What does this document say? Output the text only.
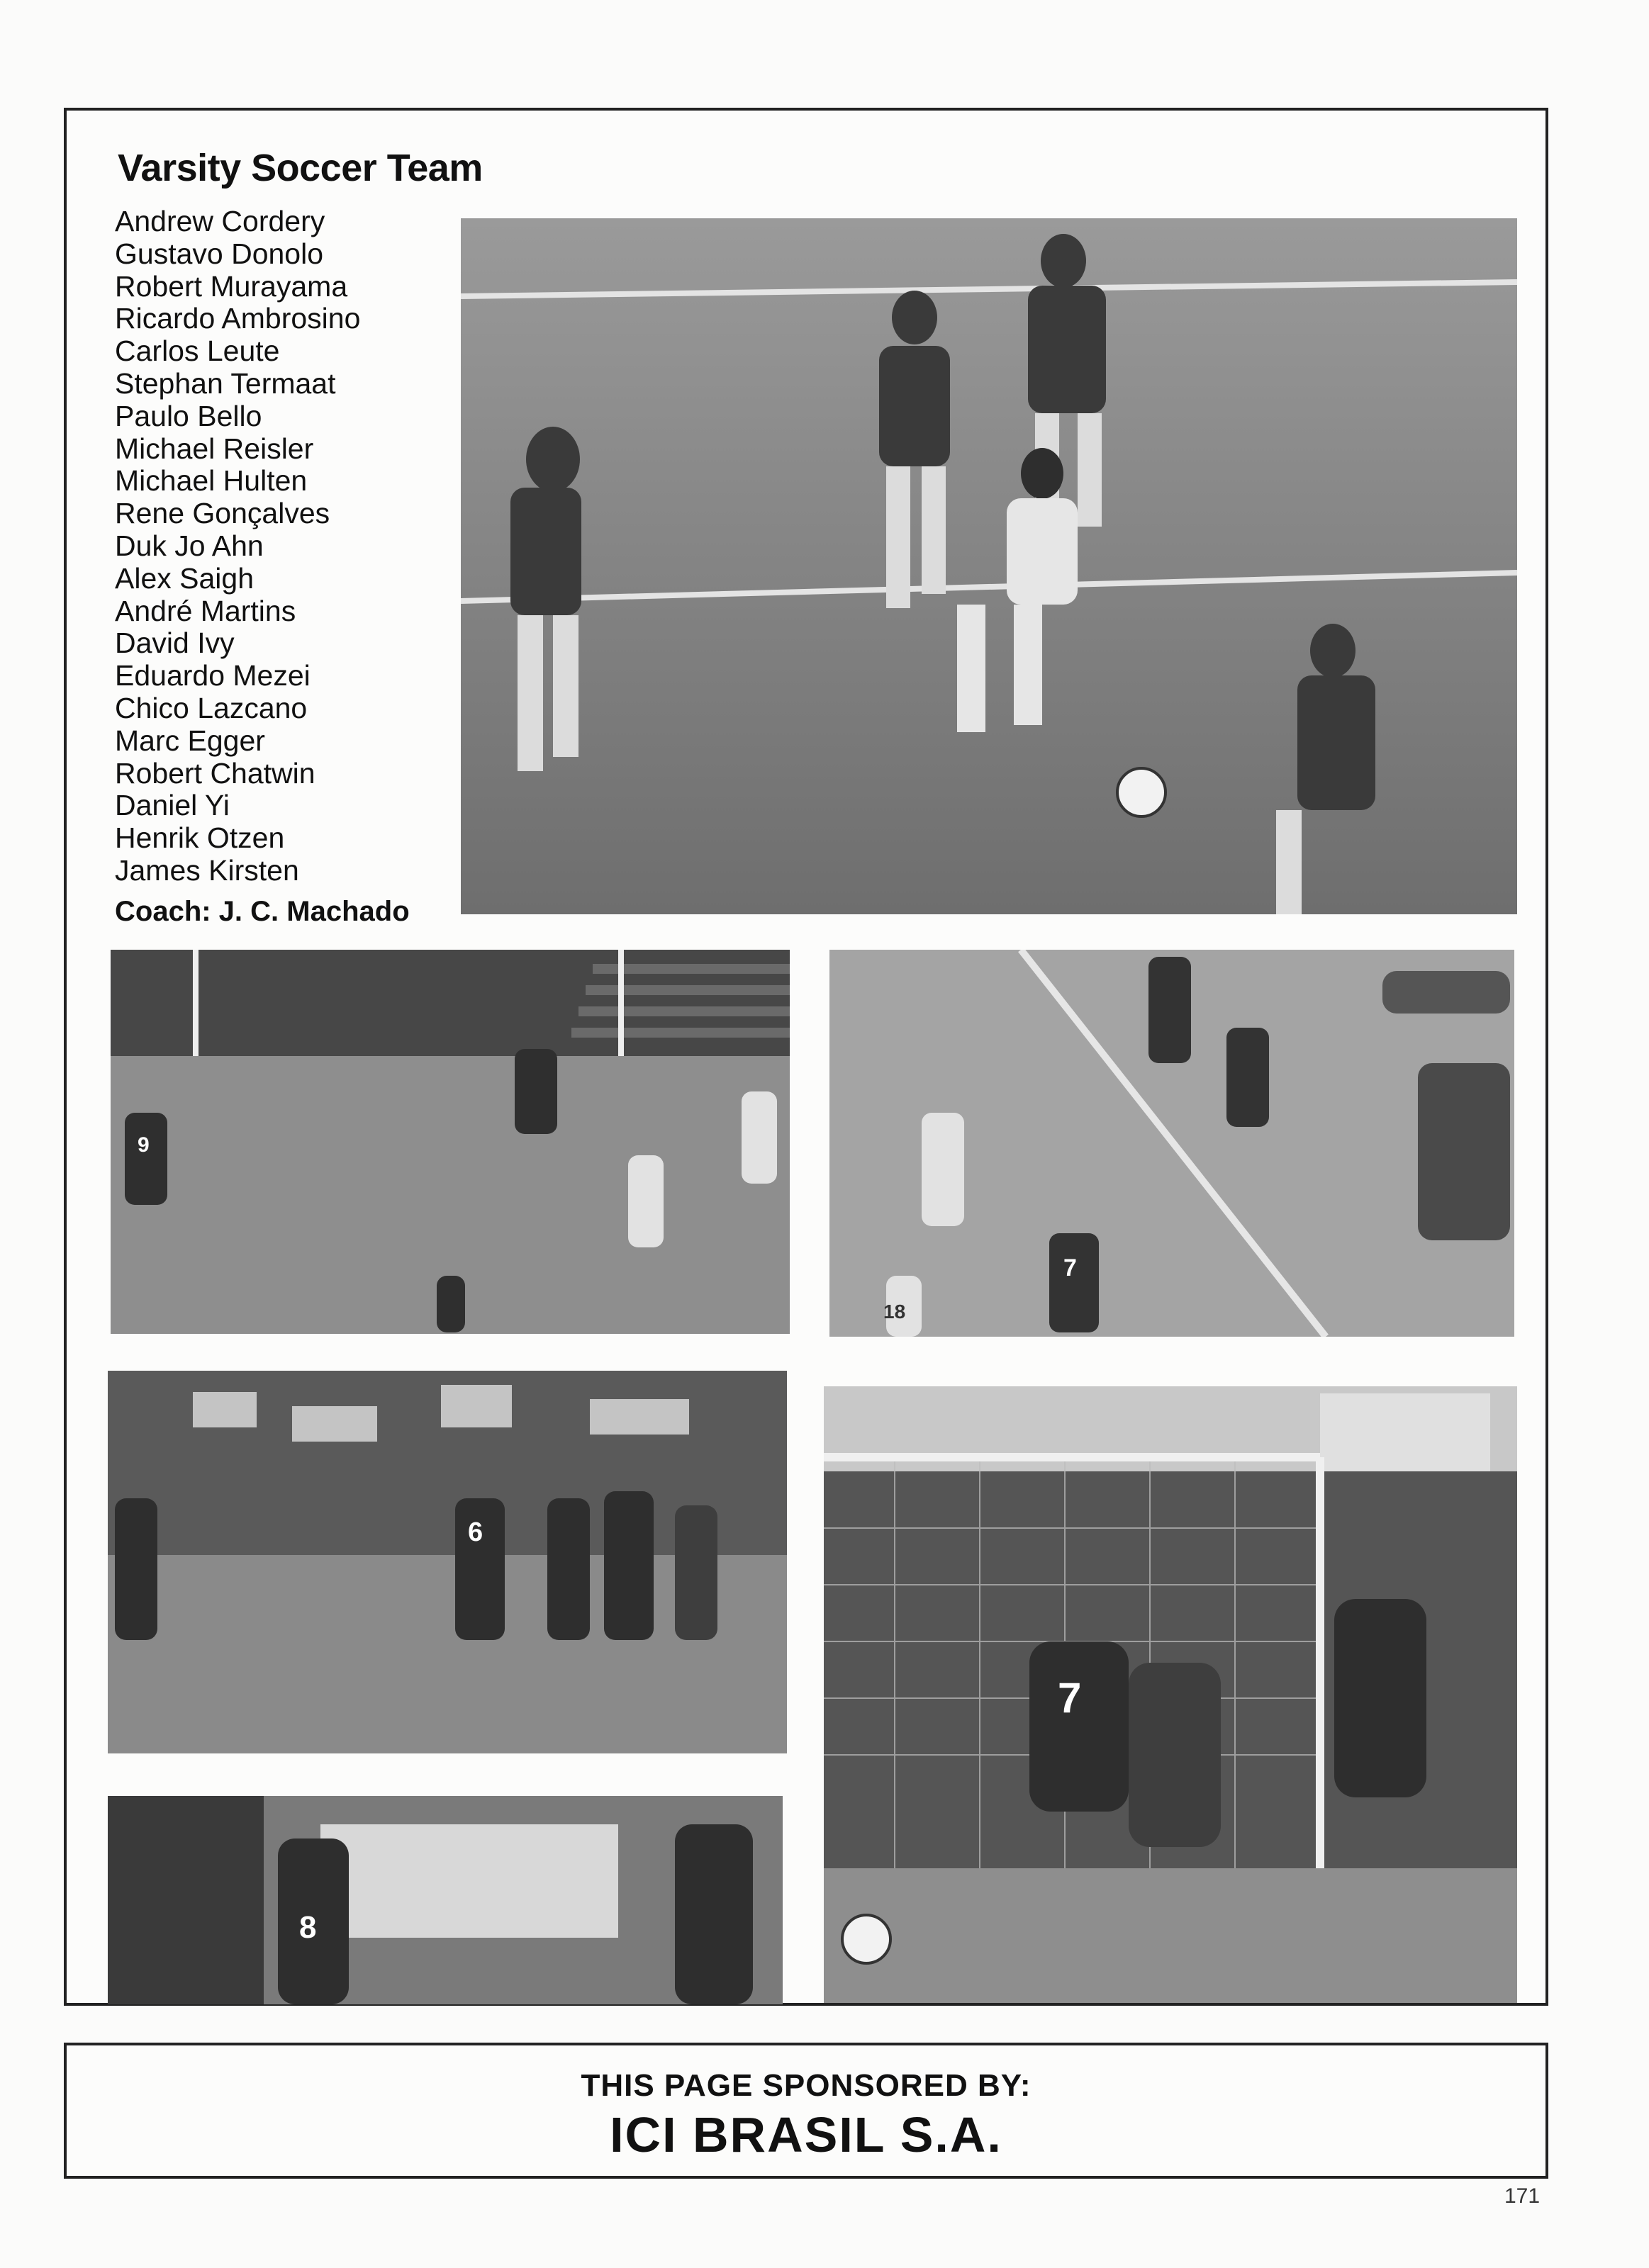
Varsity Soccer Team
Andrew Cordery
Gustavo Donolo
Robert Murayama
Ricardo Ambrosino
Carlos Leute
Stephan Termaat
Paulo Bello
Michael Reisler
Michael Hulten
Rene Gonçalves
Duk Jo Ahn
Alex Saigh
André Martins
David Ivy
Eduardo Mezei
Chico Lazcano
Marc Egger
Robert Chatwin
Daniel Yi
Henrik Otzen
James Kirsten
Coach: J. C. Machado
9
7
18
6
7
8
THIS PAGE SPONSORED BY:
ICI BRASIL S.A.
171
